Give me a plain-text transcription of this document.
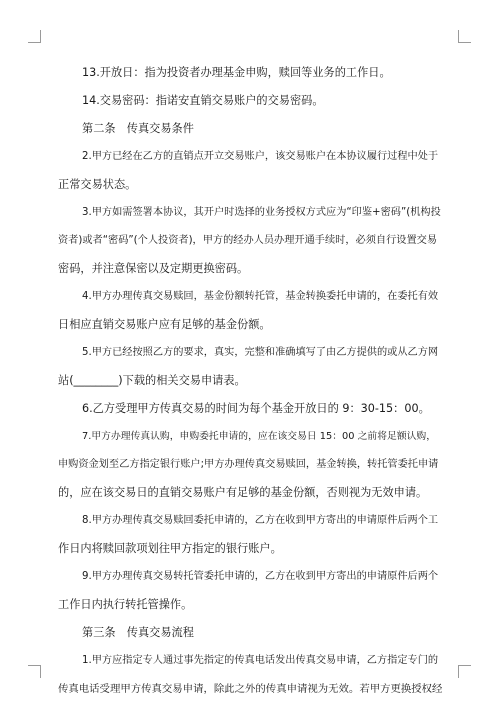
13.开放日：指为投资者办理基金申购，赎回等业务的工作日。
14.交易密码：指诺安直销交易账户的交易密码。
第二条　传真交易条件
2.甲方已经在乙方的直销点开立交易账户，该交易账户在本协议履行过程中处于
正常交易状态。
3.甲方如需签署本协议，其开户时选择的业务授权方式应为“印鉴+密码”(机构投
资者)或者“密码”(个人投资者)，甲方的经办人员办理开通手续时，必须自行设置交易
密码，并注意保密以及定期更换密码。
4.甲方办理传真交易赎回，基金份额转托管，基金转换委托申请的，在委托有效
日相应直销交易账户应有足够的基金份额。
5.甲方已经按照乙方的要求，真实，完整和准确填写了由乙方提供的或从乙方网
站(________)下载的相关交易申请表。
6.乙方受理甲方传真交易的时间为每个基金开放日的 9：30-15：00。
7.甲方办理传真认购，申购委托申请的，应在该交易日 15：00 之前将足额认购，
申购资金划至乙方指定银行账户;甲方办理传真交易赎回，基金转换，转托管委托申请
的，应在该交易日的直销交易账户有足够的基金份额，否则视为无效申请。
8.甲方办理传真交易赎回委托申请的，乙方在收到甲方寄出的申请原件后两个工
作日内将赎回款项划往甲方指定的银行账户。
9.甲方办理传真交易转托管委托申请的，乙方在收到甲方寄出的申请原件后两个
工作日内执行转托管操作。
第三条　传真交易流程
1.甲方应指定专人通过事先指定的传真电话发出传真交易申请，乙方指定专门的
传真电话受理甲方传真交易申请，除此之外的传真申请视为无效。若甲方更换授权经
